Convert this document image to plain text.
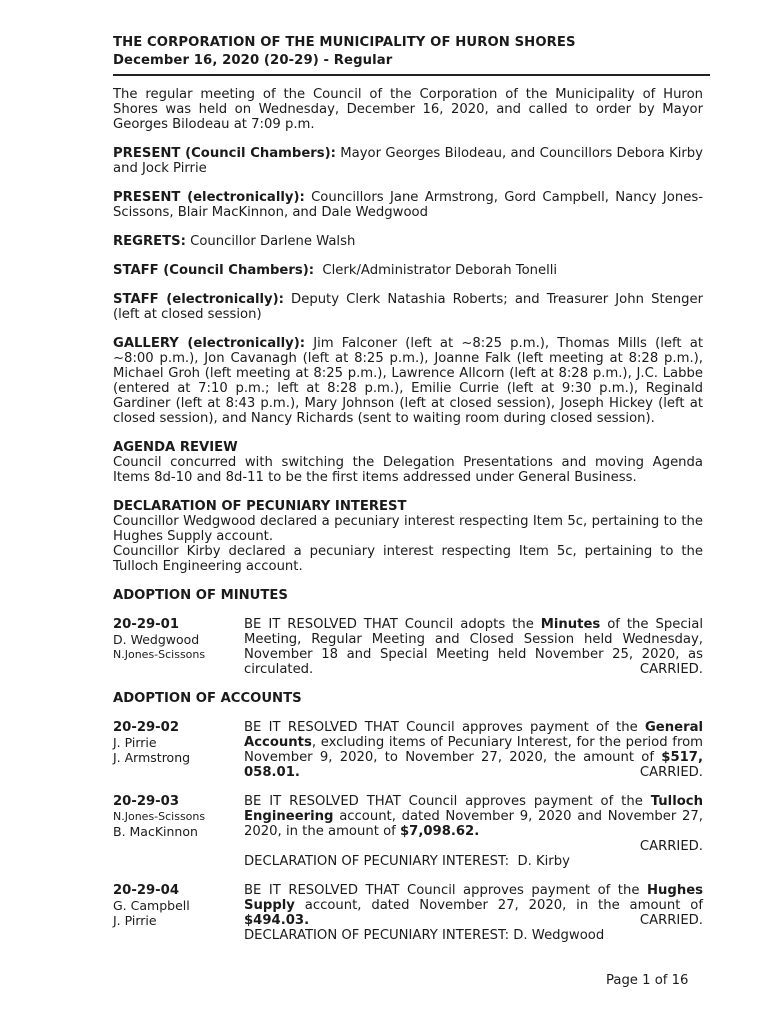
THE CORPORATION OF THE MUNICIPALITY OF HURON SHORES
December 16, 2020 (20-29) - Regular

The regular meeting of the Council of the Corporation of the Municipality of Huron Shores was held on Wednesday, December 16, 2020, and called to order by Mayor Georges Bilodeau at 7:09 p.m.

PRESENT (Council Chambers): Mayor Georges Bilodeau, and Councillors Debora Kirby and Jock Pirrie

PRESENT (electronically): Councillors Jane Armstrong, Gord Campbell, Nancy Jones-Scissons, Blair MacKinnon, and Dale Wedgwood

REGRETS: Councillor Darlene Walsh

STAFF (Council Chambers):  Clerk/Administrator Deborah Tonelli

STAFF (electronically): Deputy Clerk Natashia Roberts; and Treasurer John Stenger (left at closed session)

GALLERY (electronically): Jim Falconer (left at ~8:25 p.m.), Thomas Mills (left at ~8:00 p.m.), Jon Cavanagh (left at 8:25 p.m.), Joanne Falk (left meeting at 8:28 p.m.), Michael Groh (left meeting at 8:25 p.m.), Lawrence Allcorn (left at 8:28 p.m.), J.C. Labbe (entered at 7:10 p.m.; left at 8:28 p.m.), Emilie Currie (left at 9:30 p.m.), Reginald Gardiner (left at 8:43 p.m.), Mary Johnson (left at closed session), Joseph Hickey (left at closed session), and Nancy Richards (sent to waiting room during closed session).

AGENDA REVIEW

Council concurred with switching the Delegation Presentations and moving Agenda Items 8d-10 and 8d-11 to be the first items addressed under General Business.

DECLARATION OF PECUNIARY INTEREST

Councillor Wedgwood declared a pecuniary interest respecting Item 5c, pertaining to the Hughes Supply account.

Councillor Kirby declared a pecuniary interest respecting Item 5c, pertaining to the Tulloch Engineering account.

ADOPTION OF MINUTES
20-29-01
D. Wedgwood
N.Jones-Scissons
BE IT RESOLVED THAT Council adopts the Minutes of the Special Meeting, Regular Meeting and Closed Session held Wednesday, November 18 and Special Meeting held November 25, 2020, as circulated.	CARRIED.
ADOPTION OF ACCOUNTS
20-29-02
J. Pirrie
J. Armstrong
BE IT RESOLVED THAT Council approves payment of the General Accounts, excluding items of Pecuniary Interest, for the period from November 9, 2020, to November 27, 2020, the amount of $517, 058.01.	CARRIED.
20-29-03
N.Jones-Scissons
B. MacKinnon
BE IT RESOLVED THAT Council approves payment of the Tulloch Engineering account, dated November 9, 2020 and November 27, 2020, in the amount of $7,098.62.
CARRIED.
DECLARATION OF PECUNIARY INTEREST:  D. Kirby
20-29-04
G. Campbell
J. Pirrie
BE IT RESOLVED THAT Council approves payment of the Hughes Supply account, dated November 27, 2020, in the amount of $494.03.	CARRIED.
DECLARATION OF PECUNIARY INTEREST: D. Wedgwood
Page 1 of 16
